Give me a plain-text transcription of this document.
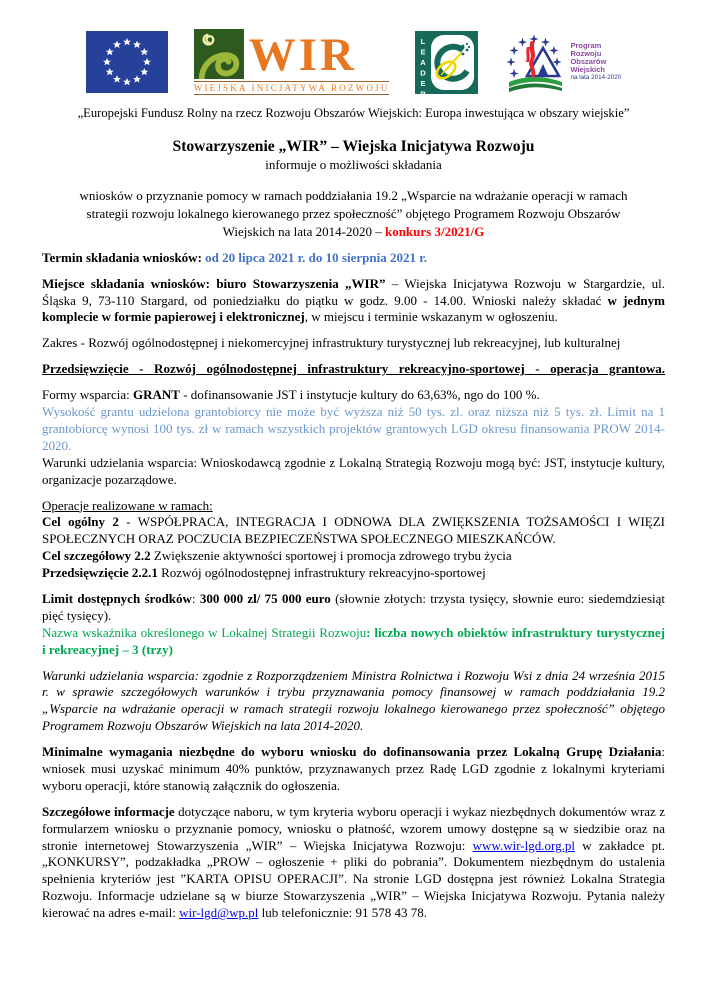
WIR
WIEJSKA INICJATYWA ROZWOJU	LEADER	Program
Rozwoju
Obszarów
Wiejskich
na lata 2014-2020

„Europejski Fundusz Rolny na rzecz Rozwoju Obszarów Wiejskich: Europa inwestująca w obszary wiejskie”

Stowarzyszenie „WIR” – Wiejska Inicjatywa Rozwoju

informuje o możliwości składania

wniosków o przyznanie pomocy w ramach poddziałania 19.2 „Wsparcie na wdrażanie operacji w ramach strategii rozwoju lokalnego kierowanego przez społeczność” objętego Programem Rozwoju Obszarów Wiejskich na lata 2014-2020 – konkurs 3/2021/G

Termin składania wniosków: od 20 lipca 2021 r. do 10 sierpnia 2021 r.

Miejsce składania wniosków: biuro Stowarzyszenia „WIR” – Wiejska Inicjatywa Rozwoju w Stargardzie, ul. Śląska 9, 73-110 Stargard, od poniedziałku do piątku w godz. 9.00 - 14.00. Wnioski należy składać w jednym komplecie w formie papierowej i elektronicznej, w miejscu i terminie wskazanym w ogłoszeniu.

Zakres - Rozwój ogólnodostępnej i niekomercyjnej infrastruktury turystycznej lub rekreacyjnej, lub kulturalnej

Przedsięwzięcie - Rozwój ogólnodostępnej infrastruktury rekreacyjno-sportowej - operacja grantowa.

Formy wsparcia: GRANT - dofinansowanie JST i instytucje kultury do 63,63%, ngo do 100 %.

Wysokość grantu udzielona grantobiorcy nie może być wyższa niż 50 tys. zl. oraz niższa niż 5 tys. zł. Limit na 1 grantobiorcę wynosi 100 tys. zł w ramach wszystkich projektów grantowych LGD okresu finansowania PROW 2014-2020.

Warunki udzielania wsparcia: Wnioskodawcą zgodnie z Lokalną Strategią Rozwoju mogą być: JST, instytucje kultury, organizacje pozarządowe.

Operacje realizowane w ramach:

Cel ogólny 2 - WSPÓŁPRACA, INTEGRACJA I ODNOWA DLA ZWIĘKSZENIA TOŻSAMOŚCI I WIĘZI SPOŁECZNYCH ORAZ POCZUCIA BEZPIECZEŃSTWA SPOŁECZNEGO MIESZKAŃCÓW.

Cel szczegółowy 2.2 Zwiększenie aktywności sportowej i promocja zdrowego trybu życia

Przedsięwzięcie 2.2.1 Rozwój ogólnodostępnej infrastruktury rekreacyjno-sportowej

Limit dostępnych środków: 300 000 zl/ 75 000 euro (słownie złotych: trzysta tysięcy, słownie euro: siedemdziesiąt pięć tysięcy).

Nazwa wskaźnika określonego w Lokalnej Strategii Rozwoju: liczba nowych obiektów infrastruktury turystycznej i rekreacyjnej – 3 (trzy)

Warunki udzielania wsparcia: zgodnie z Rozporządzeniem Ministra Rolnictwa i Rozwoju Wsi z dnia 24 września 2015 r. w sprawie szczegółowych warunków i trybu przyznawania pomocy finansowej w ramach poddziałania 19.2 „Wsparcie na wdrażanie operacji w ramach strategii rozwoju lokalnego kierowanego przez społeczność” objętego Programem Rozwoju Obszarów Wiejskich na lata 2014-2020.

Minimalne wymagania niezbędne do wyboru wniosku do dofinansowania przez Lokalną Grupę Działania: wniosek musi uzyskać minimum 40% punktów, przyznawanych przez Radę LGD zgodnie z lokalnymi kryteriami wyboru operacji, które stanowią załącznik do ogłoszenia.

Szczegółowe informacje dotyczące naboru, w tym kryteria wyboru operacji i wykaz niezbędnych dokumentów wraz z formularzem wniosku o przyznanie pomocy, wniosku o płatność, wzorem umowy dostępne są w siedzibie oraz na stronie internetowej Stowarzyszenia „WIR” – Wiejska Inicjatywa Rozwoju: www.wir-lgd.org.pl w zakładce pt. „KONKURSY”, podzakładka „PROW – ogłoszenie + pliki do pobrania”. Dokumentem niezbędnym do ustalenia spełnienia kryteriów jest ”KARTA OPISU OPERACJI”. Na stronie LGD dostępna jest również Lokalna Strategia Rozwoju. Informacje udzielane są w biurze Stowarzyszenia „WIR” – Wiejska Inicjatywa Rozwoju. Pytania należy kierować na adres e-mail: wir-lgd@wp.pl lub telefonicznie: 91 578 43 78.
